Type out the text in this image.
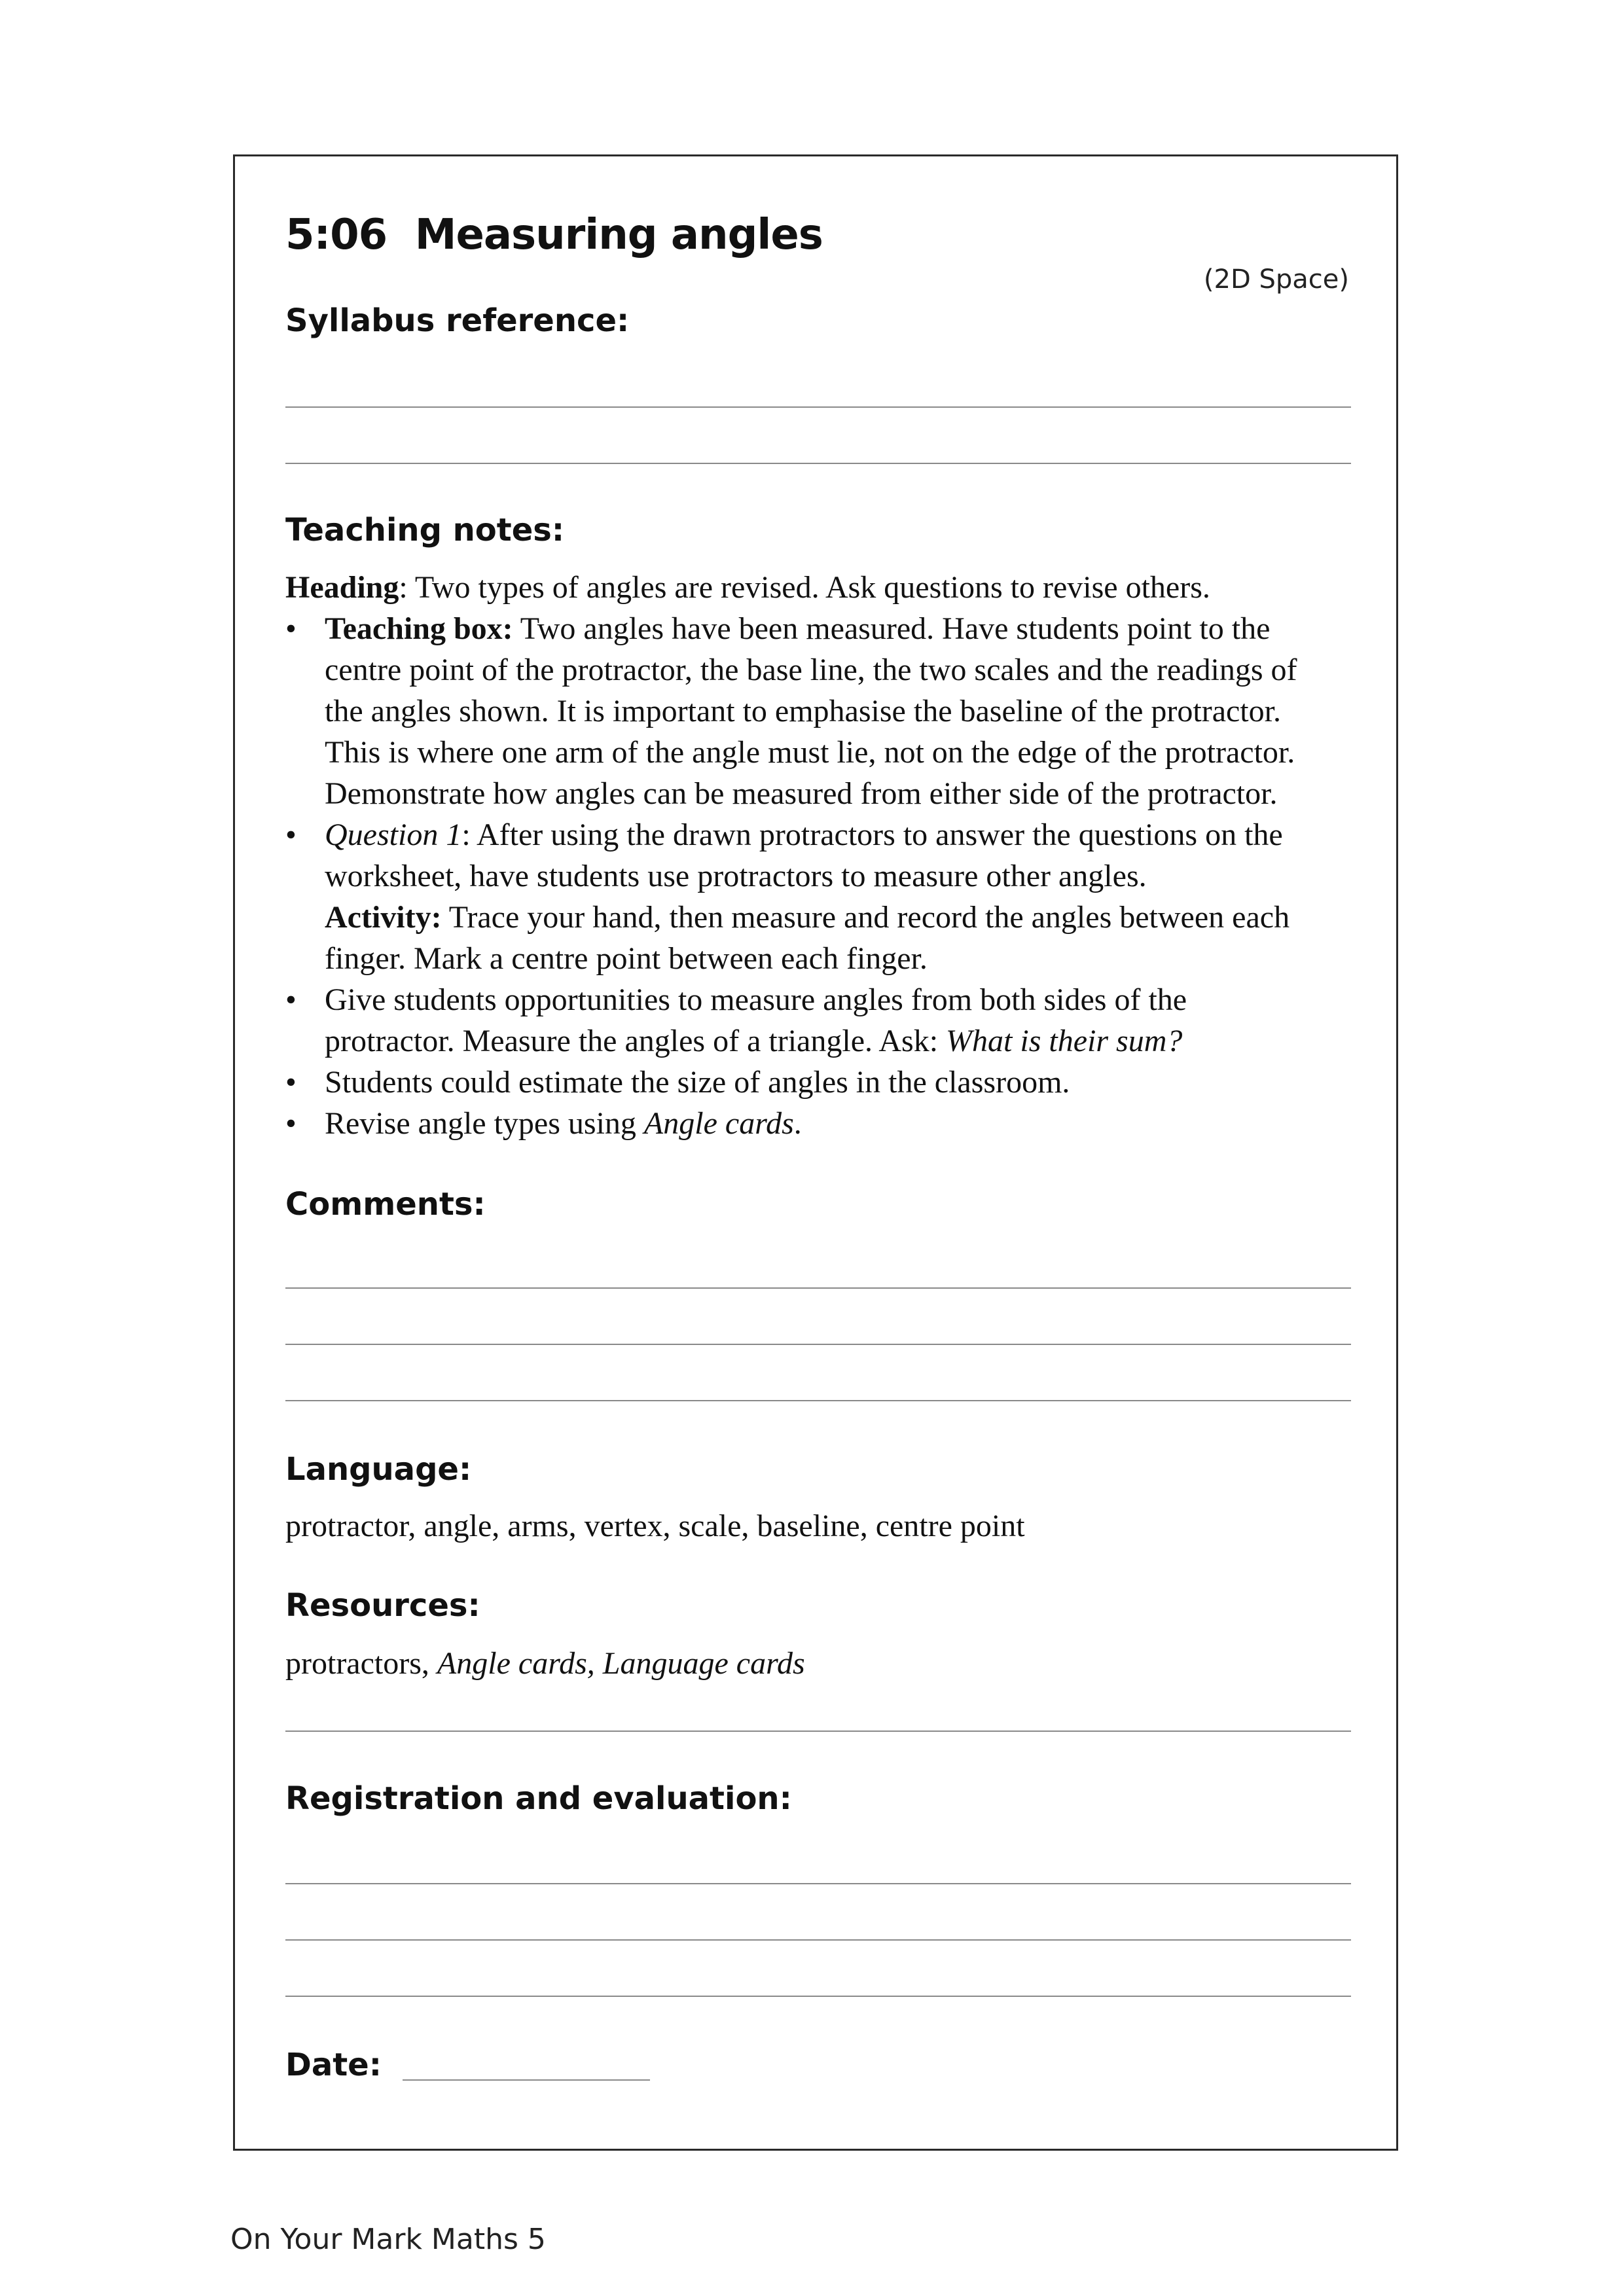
5:06  Measuring angles
(2D Space)
Syllabus reference:
Teaching notes:

Heading: Two types of angles are revised. Ask questions to revise others.

• Teaching box: Two angles have been measured. Have students point to the
centre point of the protractor, the base line, the two scales and the readings of
the angles shown. It is important to emphasise the baseline of the protractor.
This is where one arm of the angle must lie, not on the edge of the protractor.
Demonstrate how angles can be measured from either side of the protractor.
• Question 1: After using the drawn protractors to answer the questions on the
worksheet, have students use protractors to measure other angles.
Activity: Trace your hand, then measure and record the angles between each
finger. Mark a centre point between each finger.
• Give students opportunities to measure angles from both sides of the
protractor. Measure the angles of a triangle. Ask: What is their sum?
• Students could estimate the size of angles in the classroom.
• Revise angle types using Angle cards.
Comments:
Language:

protractor, angle, arms, vertex, scale, baseline, centre point

Resources:

protractors, Angle cards, Language cards

Registration and evaluation:
Date:
On Your Mark Maths 5
